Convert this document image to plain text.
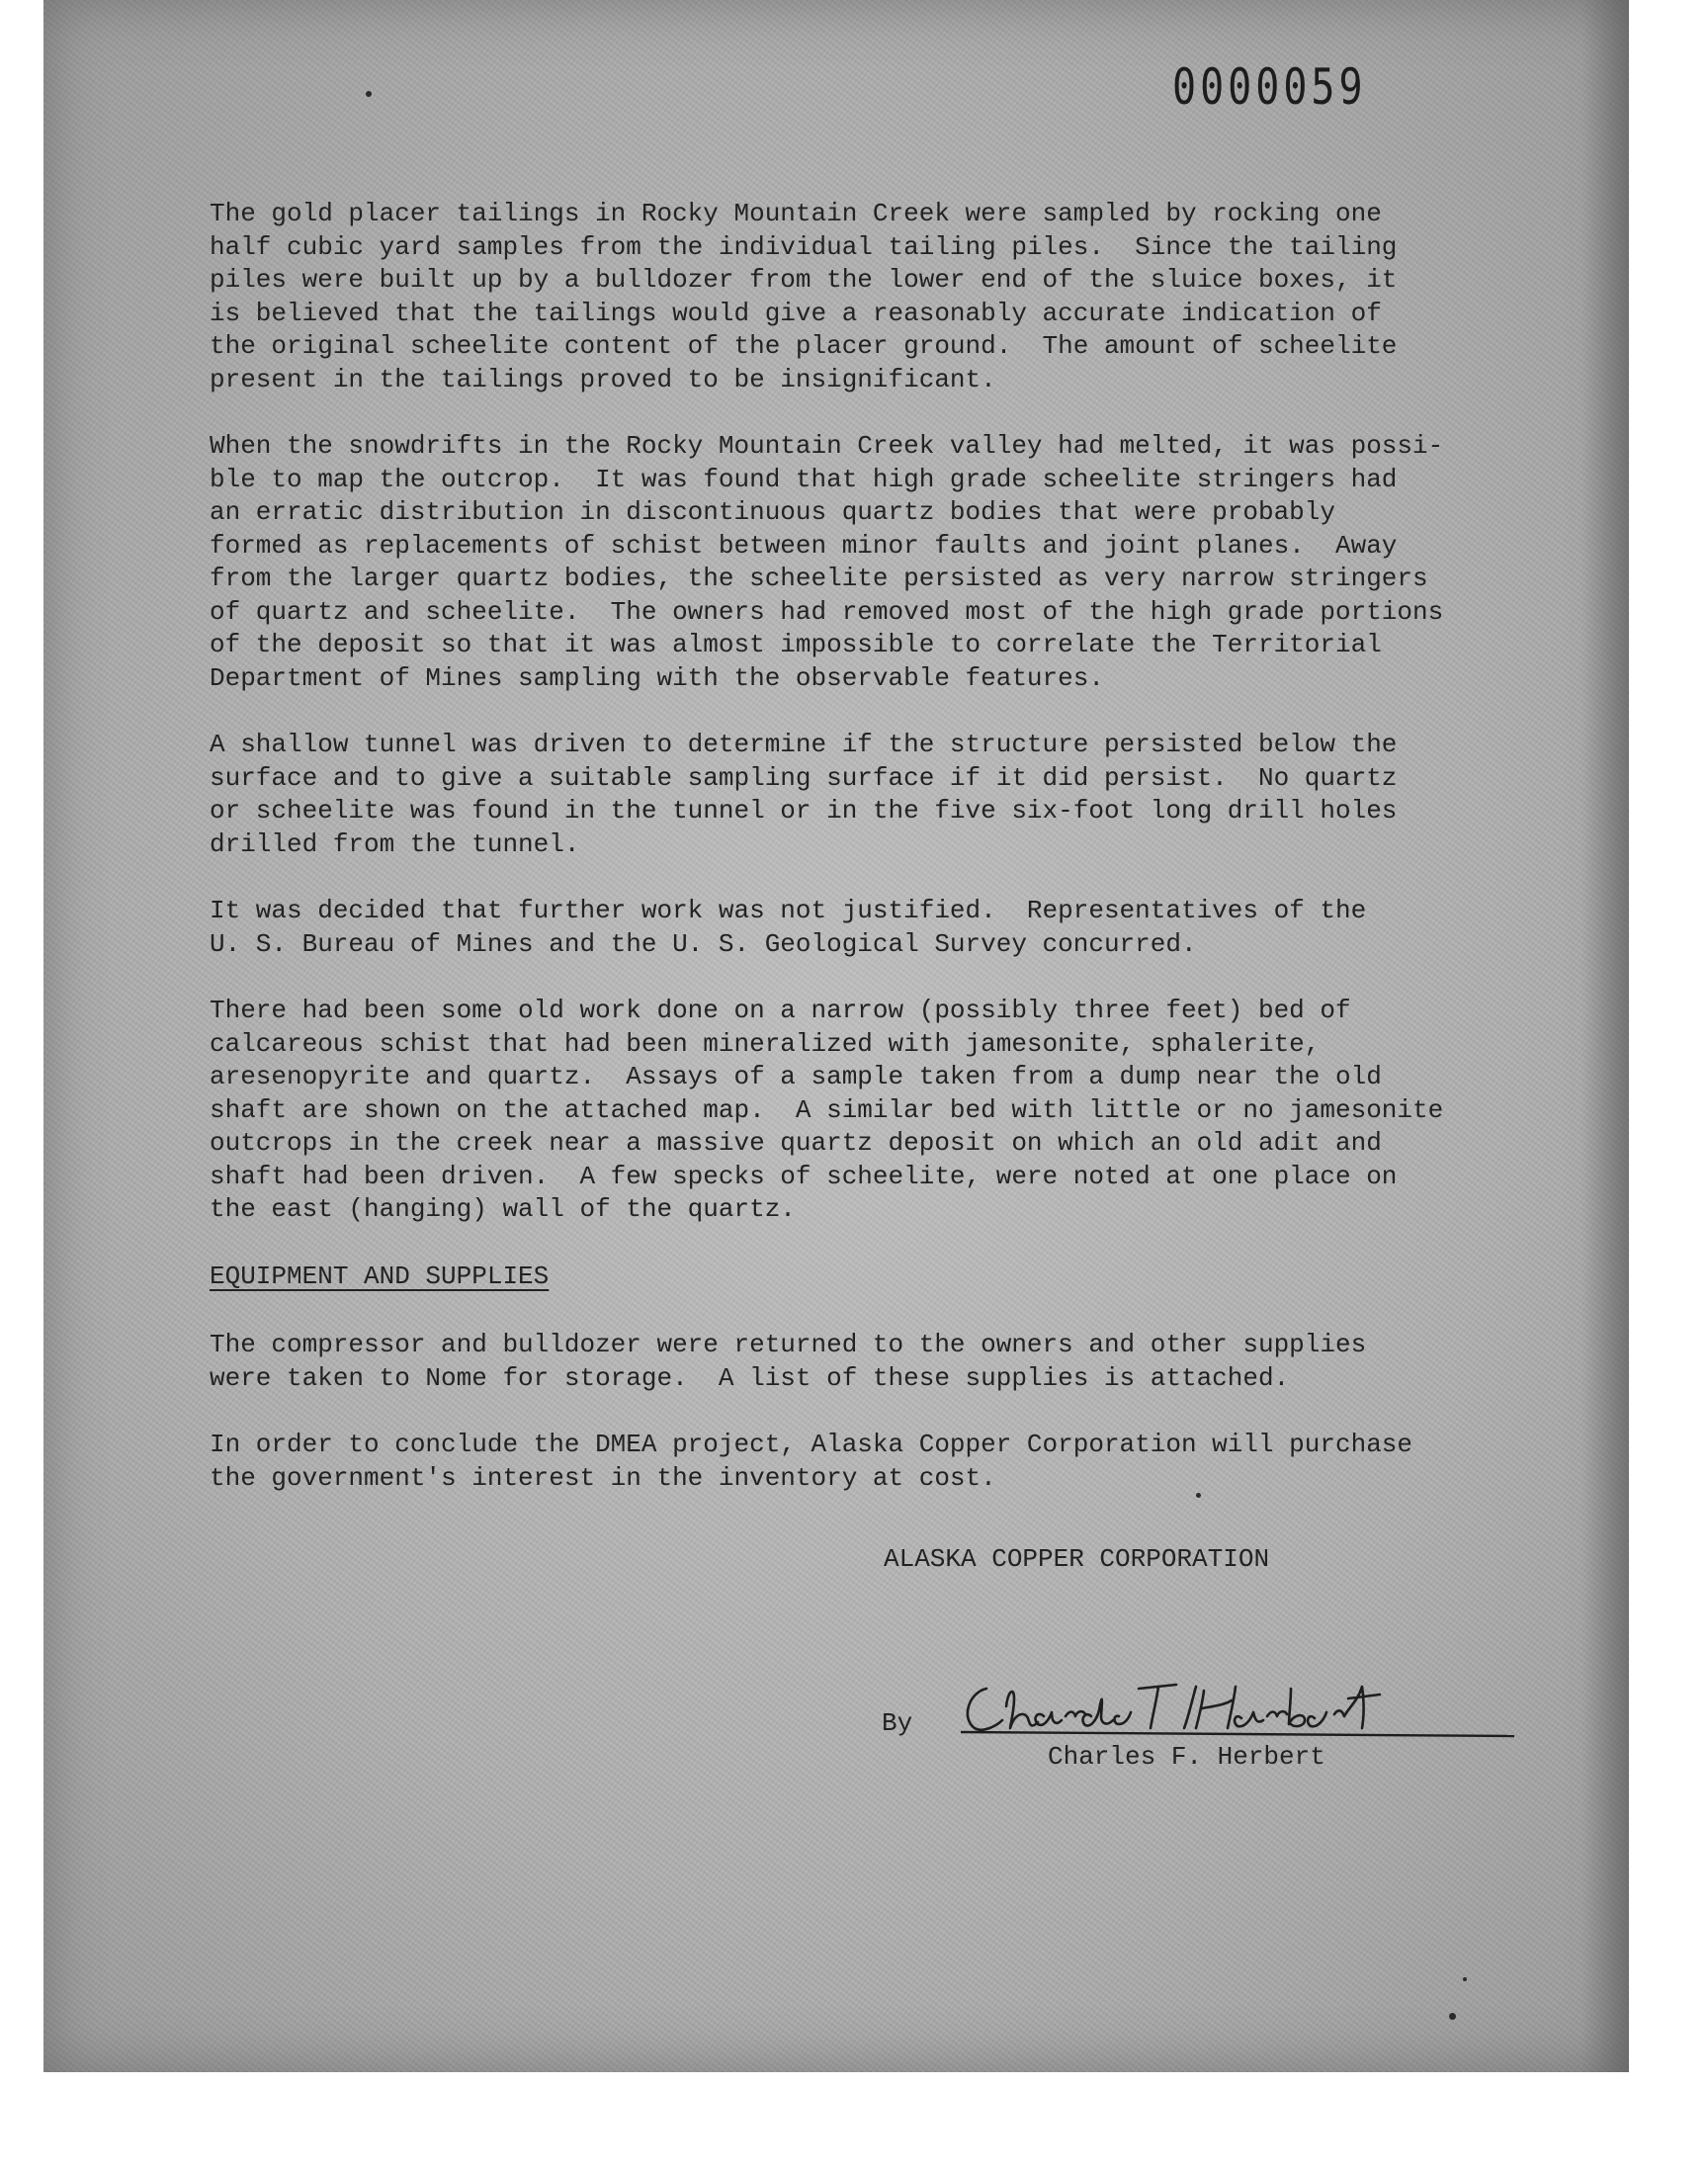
0000059

The gold placer tailings in Rocky Mountain Creek were sampled by rocking one
half cubic yard samples from the individual tailing piles.  Since the tailing
piles were built up by a bulldozer from the lower end of the sluice boxes, it
is believed that the tailings would give a reasonably accurate indication of
the original scheelite content of the placer ground.  The amount of scheelite
present in the tailings proved to be insignificant.

When the snowdrifts in the Rocky Mountain Creek valley had melted, it was possi-
ble to map the outcrop.  It was found that high grade scheelite stringers had
an erratic distribution in discontinuous quartz bodies that were probably
formed as replacements of schist between minor faults and joint planes.  Away
from the larger quartz bodies, the scheelite persisted as very narrow stringers
of quartz and scheelite.  The owners had removed most of the high grade portions
of the deposit so that it was almost impossible to correlate the Territorial
Department of Mines sampling with the observable features.

A shallow tunnel was driven to determine if the structure persisted below the
surface and to give a suitable sampling surface if it did persist.  No quartz
or scheelite was found in the tunnel or in the five six-foot long drill holes
drilled from the tunnel.

It was decided that further work was not justified.  Representatives of the
U. S. Bureau of Mines and the U. S. Geological Survey concurred.

There had been some old work done on a narrow (possibly three feet) bed of
calcareous schist that had been mineralized with jamesonite, sphalerite,
aresenopyrite and quartz.  Assays of a sample taken from a dump near the old
shaft are shown on the attached map.  A similar bed with little or no jamesonite
outcrops in the creek near a massive quartz deposit on which an old adit and
shaft had been driven.  A few specks of scheelite, were noted at one place on
the east (hanging) wall of the quartz.

EQUIPMENT AND SUPPLIES

The compressor and bulldozer were returned to the owners and other supplies
were taken to Nome for storage.  A list of these supplies is attached.

In order to conclude the DMEA project, Alaska Copper Corporation will purchase
the government's interest in the inventory at cost.

ALASKA COPPER CORPORATION
By
Charles F. Herbert
